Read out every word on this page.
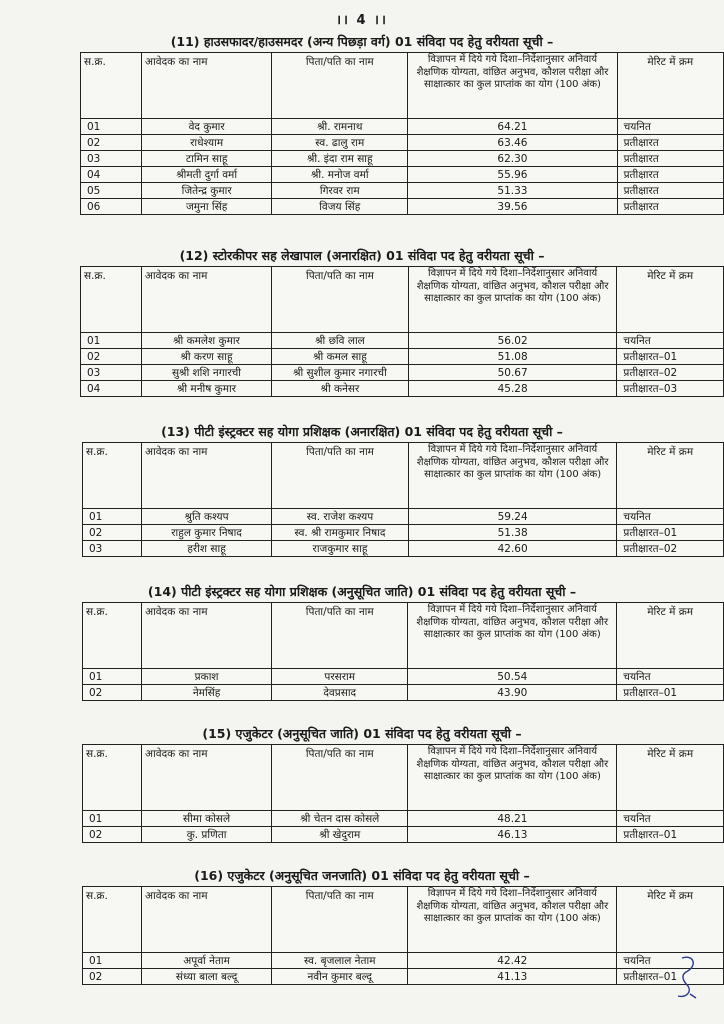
।। 4 ।।
(11) हाउसफादर/हाउसमदर (अन्य पिछड़ा वर्ग) 01 संविदा पद हेतु वरीयता सूची –
स.क्र.	आवेदक का नाम	पिता/पति का नाम	विज्ञापन में दिये गये दिशा–निर्देशानुसार अनिवार्य शैक्षणिक योग्यता, वांछित अनुभव, कौशल परीक्षा और साक्षात्कार का कुल प्राप्तांक का योग (100 अंक)	मेरिट में क्रम
01	वेद कुमार	श्री. रामनाथ	64.21	चयनित
02	राधेश्याम	स्व. ढालु राम	63.46	प्रतीक्षारत
03	टामिन साहू	श्री. इंदा राम साहू	62.30	प्रतीक्षारत
04	श्रीमती दुर्गा वर्मा	श्री. मनोज वर्मा	55.96	प्रतीक्षारत
05	जितेन्द्र कुमार	गिरवर राम	51.33	प्रतीक्षारत
06	जमुना सिंह	विजय सिंह	39.56	प्रतीक्षारत
(12) स्टोरकीपर सह लेखापाल (अनारक्षित) 01 संविदा पद हेतु वरीयता सूची –
स.क्र.	आवेदक का नाम	पिता/पति का नाम	विज्ञापन में दिये गये दिशा–निर्देशानुसार अनिवार्य शैक्षणिक योग्यता, वांछित अनुभव, कौशल परीक्षा और साक्षात्कार का कुल प्राप्तांक का योग (100 अंक)	मेरिट में क्रम
01	श्री कमलेश कुमार	श्री छवि लाल	56.02	चयनित
02	श्री करण साहू	श्री कमल साहू	51.08	प्रतीक्षारत–01
03	सुश्री शशि नगारची	श्री सुशील कुमार नगारची	50.67	प्रतीक्षारत–02
04	श्री मनीष कुमार	श्री कनेसर	45.28	प्रतीक्षारत–03
(13) पीटी इंस्ट्रक्टर सह योगा प्रशिक्षक (अनारक्षित) 01 संविदा पद हेतु वरीयता सूची –
स.क्र.	आवेदक का नाम	पिता/पति का नाम	विज्ञापन में दिये गये दिशा–निर्देशानुसार अनिवार्य शैक्षणिक योग्यता, वांछित अनुभव, कौशल परीक्षा और साक्षात्कार का कुल प्राप्तांक का योग (100 अंक)	मेरिट में क्रम
01	श्रुति कश्यप	स्व. राजेश कश्यप	59.24	चयनित
02	राहुल कुमार निषाद	स्व. श्री रामकुमार निषाद	51.38	प्रतीक्षारत–01
03	हरीश साहू	राजकुमार साहू	42.60	प्रतीक्षारत–02
(14) पीटी इंस्ट्रक्टर सह योगा प्रशिक्षक (अनुसूचित जाति) 01 संविदा पद हेतु वरीयता सूची –
स.क्र.	आवेदक का नाम	पिता/पति का नाम	विज्ञापन में दिये गये दिशा–निर्देशानुसार अनिवार्य शैक्षणिक योग्यता, वांछित अनुभव, कौशल परीक्षा और साक्षात्कार का कुल प्राप्तांक का योग (100 अंक)	मेरिट में क्रम
01	प्रकाश	परसराम	50.54	चयनित
02	नेमसिंह	देवप्रसाद	43.90	प्रतीक्षारत–01
(15) एजुकेटर (अनुसूचित जाति) 01 संविदा पद हेतु वरीयता सूची –
स.क्र.	आवेदक का नाम	पिता/पति का नाम	विज्ञापन में दिये गये दिशा–निर्देशानुसार अनिवार्य शैक्षणिक योग्यता, वांछित अनुभव, कौशल परीक्षा और साक्षात्कार का कुल प्राप्तांक का योग (100 अंक)	मेरिट में क्रम
01	सीमा कोसले	श्री चेतन दास कोसले	48.21	चयनित
02	कु. प्रणिता	श्री खेदुराम	46.13	प्रतीक्षारत–01
(16) एजुकेटर (अनुसूचित जनजाति) 01 संविदा पद हेतु वरीयता सूची –
स.क्र.	आवेदक का नाम	पिता/पति का नाम	विज्ञापन में दिये गये दिशा–निर्देशानुसार अनिवार्य शैक्षणिक योग्यता, वांछित अनुभव, कौशल परीक्षा और साक्षात्कार का कुल प्राप्तांक का योग (100 अंक)	मेरिट में क्रम
01	अपूर्वा नेताम	स्व. बृजलाल नेताम	42.42	चयनित
02	संध्या बाला बल्दू	नवीन कुमार बल्दू	41.13	प्रतीक्षारत–01
